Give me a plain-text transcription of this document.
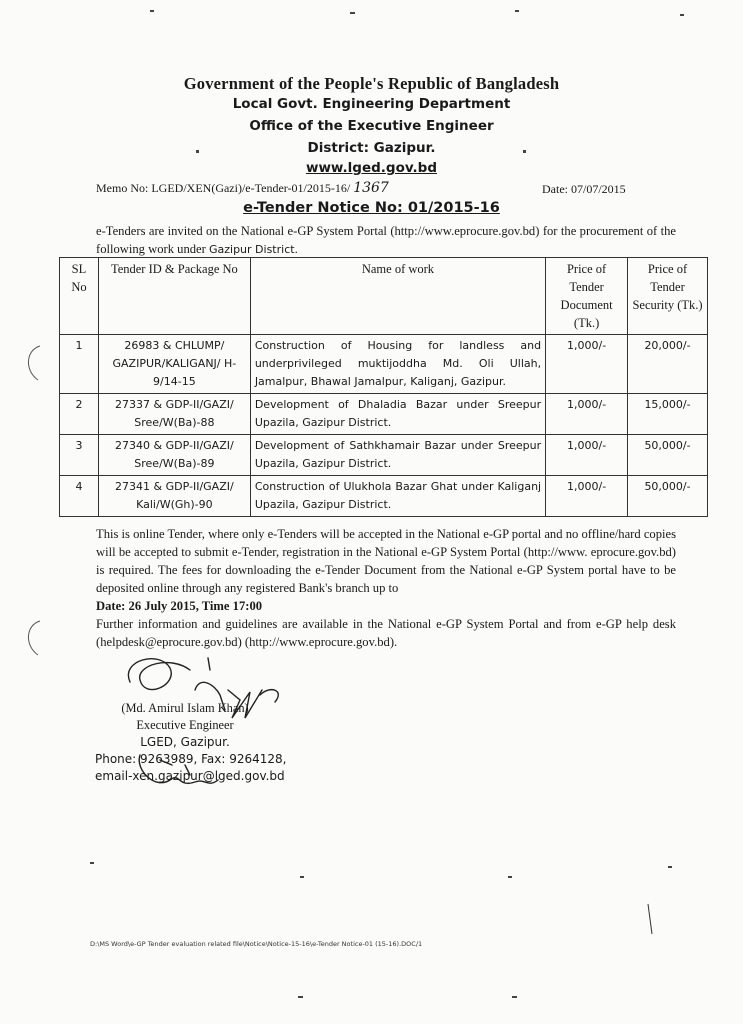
Government of the People's Republic of Bangladesh
Local Govt. Engineering Department
Office of the Executive Engineer
District: Gazipur.
www.lged.gov.bd
Memo No: LGED/XEN(Gazi)/e-Tender-01/2015-16/ 1367	Date: 07/07/2015
e-Tender Notice No: 01/2015-16
e-Tenders are invited on the National e-GP System Portal (http://www.eprocure.gov.bd) for the procurement of the following work under Gazipur District.
SL No	Tender ID & Package No	Name of work	Price of Tender Document (Tk.)	Price of Tender Security (Tk.)
1	26983 & CHLUMP/ GAZIPUR/KALIGANJ/ H-9/14-15	Construction of Housing for landless and underprivileged muktijoddha Md. Oli Ullah, Jamalpur, Bhawal Jamalpur, Kaliganj, Gazipur.	1,000/-	20,000/-
2	27337 & GDP-II/GAZI/ Sree/W(Ba)-88	Development of Dhaladia Bazar under Sreepur Upazila, Gazipur District.	1,000/-	15,000/-
3	27340 & GDP-II/GAZI/ Sree/W(Ba)-89	Development of Sathkhamair Bazar under Sreepur Upazila, Gazipur District.	1,000/-	50,000/-
4	27341 & GDP-II/GAZI/ Kali/W(Gh)-90	Construction of Ulukhola Bazar Ghat under Kaliganj Upazila, Gazipur District.	1,000/-	50,000/-
This is online Tender, where only e-Tenders will be accepted in the National e-GP portal and no offline/hard copies will be accepted to submit e-Tender, registration in the National e-GP System Portal (http://www. eprocure.gov.bd) is required. The fees for downloading the e-Tender Document from the National e-GP System portal have to be deposited online through any registered Bank's branch up to
Date: 26 July 2015, Time 17:00
Further information and guidelines are available in the National e-GP System Portal and from e-GP help desk (helpdesk@eprocure.gov.bd) (http://www.eprocure.gov.bd).
(Md. Amirul Islam Khan)
Executive Engineer
LGED, Gazipur.
Phone: 9263989, Fax: 9264128,
email-xen.gazipur@lged.gov.bd
D:\MS Word\e-GP Tender evaluation related file\Notice\Notice-15-16\e-Tender Notice-01 (15-16).DOC/1
